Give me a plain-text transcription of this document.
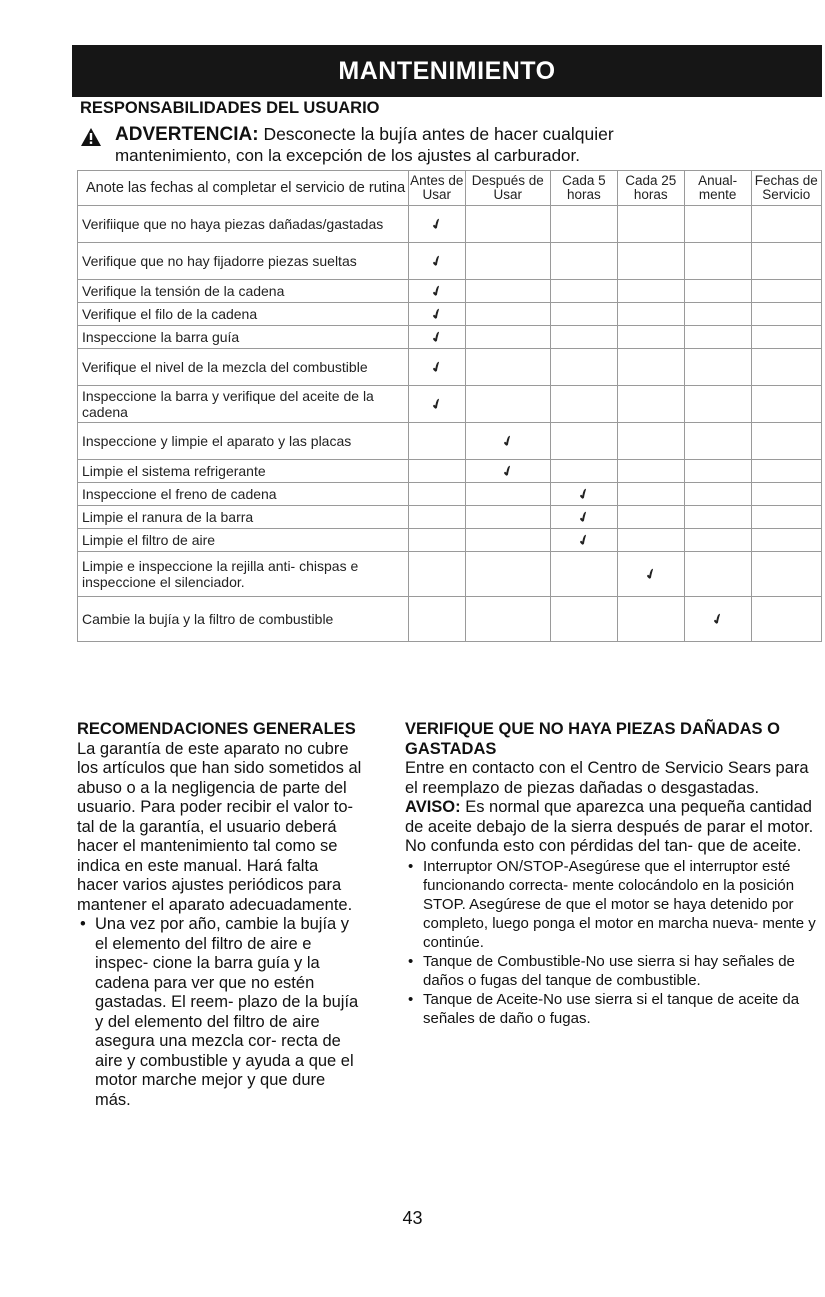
MANTENIMIENTO
RESPONSABILIDADES DEL USUARIO
ADVERTENCIA: Desconecte la bujía antes de hacer cualquier
mantenimiento, con la excepción de los ajustes al carburador.
Anote las fechas al completar el servicio de rutina	Antes de Usar	Después de Usar	Cada 5 horas	Cada 25 horas	Anual- mente	Fechas de Servicio
Verifiique que no haya piezas dañadas/gastadas	✔					
Verifique que no hay fijadorre piezas sueltas	✔					
Verifique la tensión de la cadena	✔					
Verifique el filo de la cadena	✔					
Inspeccione la barra guía	✔					
Verifique el nivel de la mezcla del combustible	✔					
Inspeccione la barra y verifique del aceite de la cadena	✔					
Inspeccione y limpie el aparato y las placas		✔				
Limpie el sistema refrigerante		✔				
Inspeccione el freno de cadena			✔			
Limpie el ranura de la barra			✔			
Limpie el filtro de aire			✔			
Limpie e inspeccione la rejilla anti- chispas e inspeccione el silenciador.				✔		
Cambie la bujía y la filtro de combustible					✔	
RECOMENDACIONES GENERALES

La garantía de este aparato no cubre los artículos que han sido sometidos al abuso o a la negligencia de parte del usuario. Para poder recibir el valor to- tal de la garantía, el usuario deberá hacer el mantenimiento tal como se indica en este manual. Hará falta hacer varios ajustes periódicos para mantener el aparato adecuadamente.

• Una vez por año, cambie la bujía y el elemento del filtro de aire e inspec- cione la barra guía y la cadena para ver que no estén gastadas. El reem- plazo de la bujía y del elemento del filtro de aire asegura una mezcla cor- recta de aire y combustible y ayuda a que el motor marche mejor y que dure más.
VERIFIQUE QUE NO HAYA PIEZAS DAÑADAS O GASTADAS

Entre en contacto con el Centro de Servicio Sears para el reemplazo de piezas dañadas o desgastadas.

AVISO: Es normal que aparezca una pequeña cantidad de aceite debajo de la sierra después de parar el motor. No confunda esto con pérdidas del tan- que de aceite.

• Interruptor ON/STOP-Asegúrese que el interruptor esté funcionando correcta- mente colocándolo en la posición STOP. Asegúrese de que el motor se haya detenido por completo, luego ponga el motor en marcha nueva- mente y continúe.
• Tanque de Combustible-No use sierra si hay señales de daños o fugas del tanque de combustible.
• Tanque de Aceite-No use sierra si el tanque de aceite da señales de daño o fugas.
43
